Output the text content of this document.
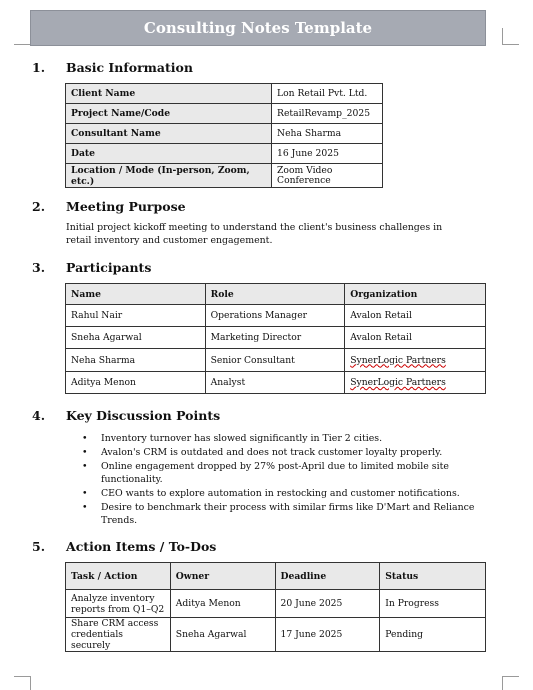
Consulting Notes Template
1.	Basic Information
Client Name	Lon Retail Pvt. Ltd.
Project Name/Code	RetailRevamp_2025
Consultant Name	Neha Sharma
Date	16 June 2025
Location / Mode (In-person, Zoom, etc.)	Zoom Video Conference
2.	Meeting Purpose
Initial project kickoff meeting to understand the client's business challenges in retail inventory and customer engagement.
3.	Participants
Name	Role	Organization
Rahul Nair	Operations Manager	Avalon Retail
Sneha Agarwal	Marketing Director	Avalon Retail
Neha Sharma	Senior Consultant	SynerLogic Partners
Aditya Menon	Analyst	SynerLogic Partners
4.	Key Discussion Points
• Inventory turnover has slowed significantly in Tier 2 cities.
• Avalon's CRM is outdated and does not track customer loyalty properly.
• Online engagement dropped by 27% post-April due to limited mobile site functionality.
• CEO wants to explore automation in restocking and customer notifications.
• Desire to benchmark their process with similar firms like D'Mart and Reliance Trends.
5.	Action Items / To-Dos
Task / Action	Owner	Deadline	Status
Analyze inventory reports from Q1–Q2	Aditya Menon	20 June 2025	In Progress
Share CRM access credentials securely	Sneha Agarwal	17 June 2025	Pending
